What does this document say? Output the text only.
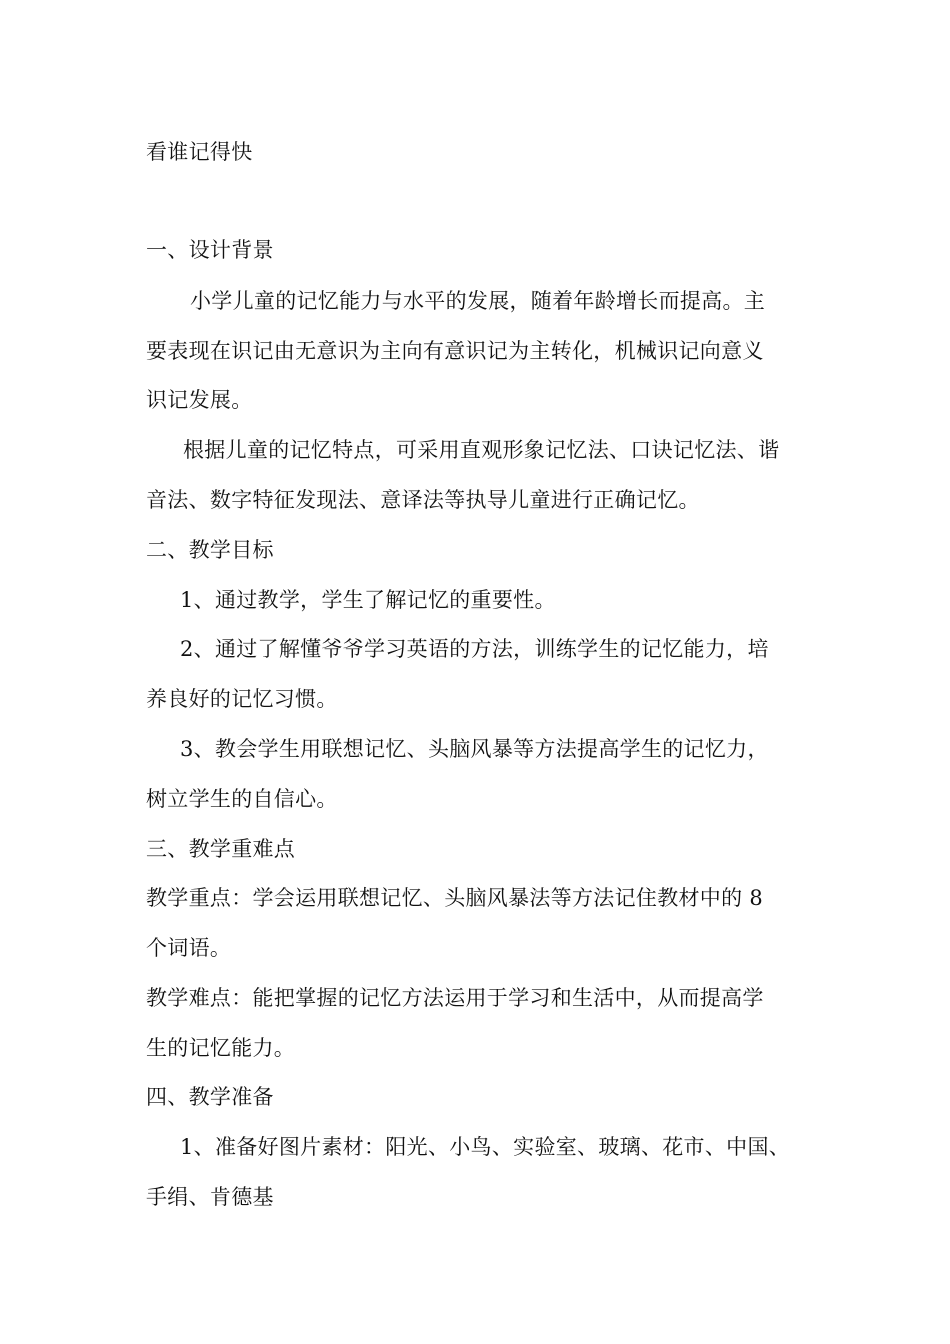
看谁记得快
一、设计背景
小学儿童的记忆能力与水平的发展，随着年龄增长而提高。主
要表现在识记由无意识为主向有意识记为主转化，机械识记向意义
识记发展。
根据儿童的记忆特点，可采用直观形象记忆法、口诀记忆法、谐
音法、数字特征发现法、意译法等执导儿童进行正确记忆。
二、教学目标
1、通过教学，学生了解记忆的重要性。
2、通过了解懂爷爷学习英语的方法，训练学生的记忆能力，培
养良好的记忆习惯。
3、教会学生用联想记忆、头脑风暴等方法提高学生的记忆力，
树立学生的自信心。
三、教学重难点
教学重点：学会运用联想记忆、头脑风暴法等方法记住教材中的 8
个词语。
教学难点：能把掌握的记忆方法运用于学习和生活中，从而提高学
生的记忆能力。
四、教学准备
1、准备好图片素材：阳光、小鸟、实验室、玻璃、花市、中国、
手绢、肯德基
